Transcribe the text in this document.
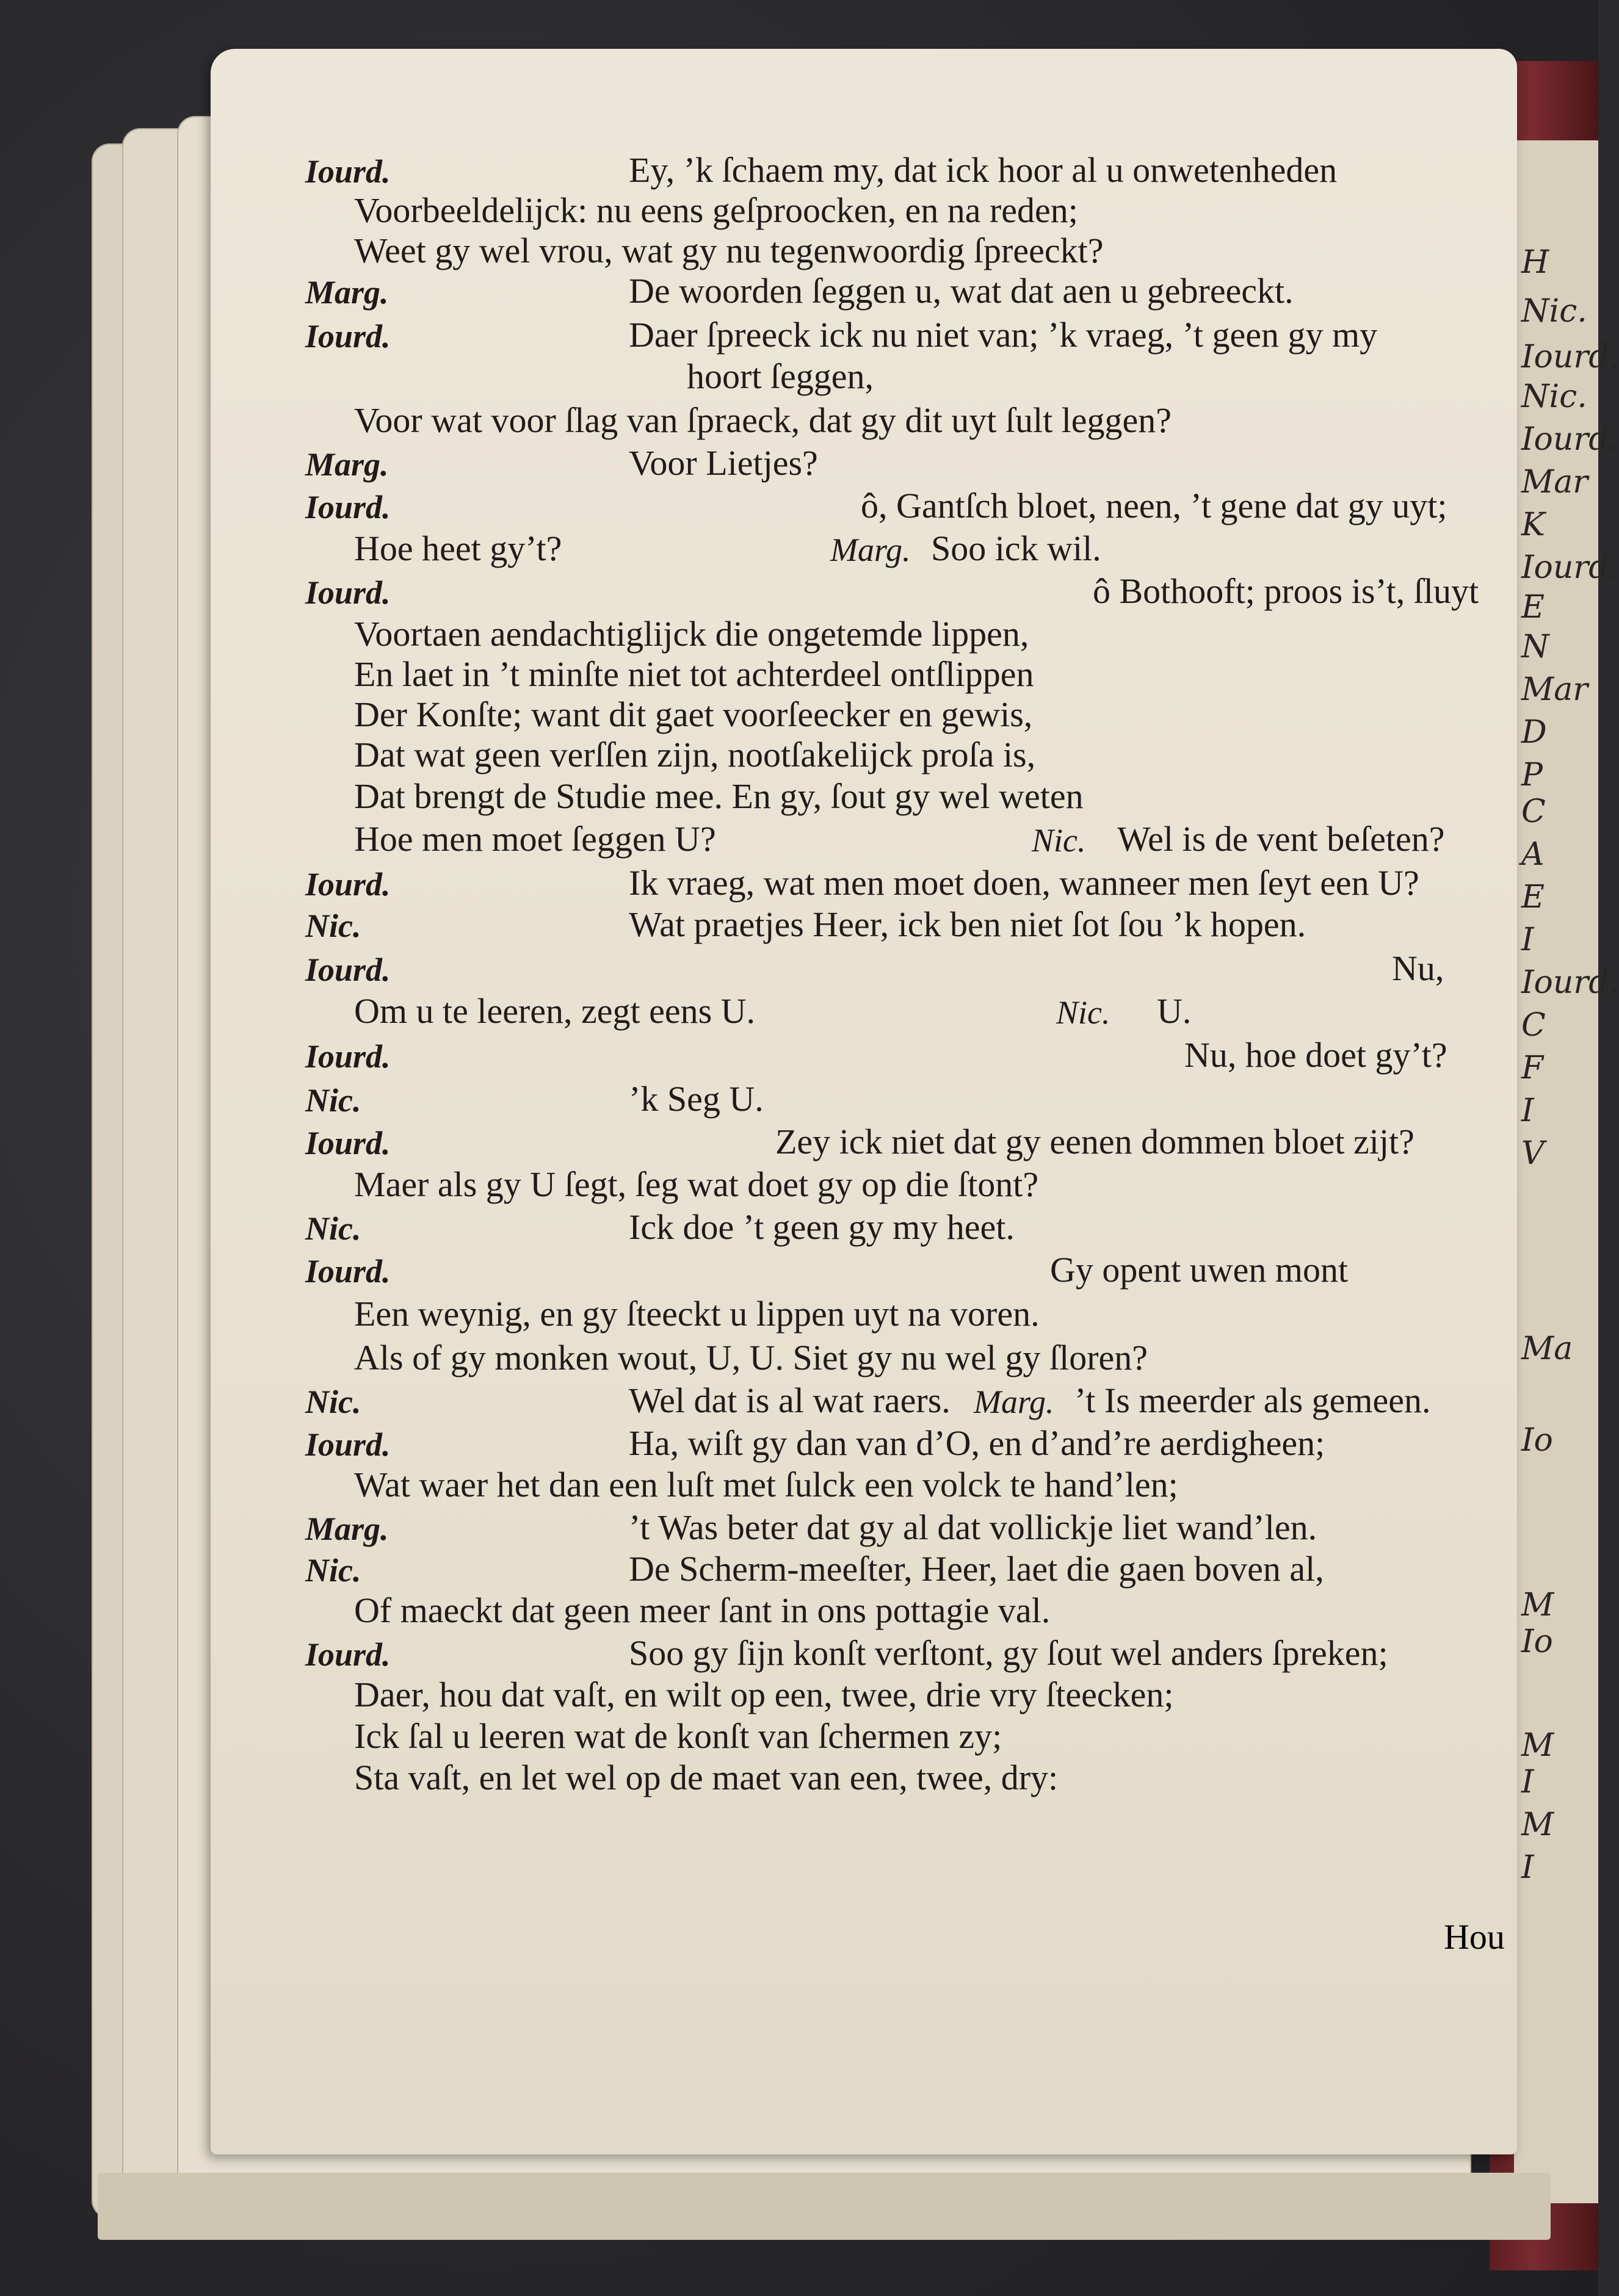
H
Nic.
Iourd.
Nic.
Iourd.
Mar
K
Iourd.
E
N
Mar
D
P
C
A
E
I
Iourd.
C
F
I
V
Ma
Io
M
Io
M
I
M
I
Iourd.	Ey, ’k ſchaem my, dat ick hoor al u onwetenheden
Voorbeeldelijck: nu eens geſproocken, en na reden;
Weet gy wel vrou, wat gy nu tegenwoordig ſpreeckt?
Marg.	De woorden ſeggen u, wat dat aen u gebreeckt.
Iourd.	Daer ſpreeck ick nu niet van; ’k vraeg, ’t geen gy my
hoort ſeggen,
Voor wat voor ſlag van ſpraeck, dat gy dit uyt ſult leggen?
Marg.	Voor Lietjes?
Iourd.	ô, Gantſch bloet, neen, ’t gene dat gy uyt;
Hoe heet gy’t?	Marg. Soo ick wil.
Iourd.	ô Bothooft; proos is’t, ſluyt
Voortaen aendachtiglijck die ongetemde lippen,
En laet in ’t minſte niet tot achterdeel ontſlippen
Der Konſte; want dit gaet voorſeecker en gewis,
Dat wat geen verſſen zijn, nootſakelijck proſa is,
Dat brengt de Studie mee. En gy, ſout gy wel weten
Hoe men moet ſeggen U?	Nic. Wel is de vent beſeten?
Iourd.	Ik vraeg, wat men moet doen, wanneer men ſeyt een U?
Nic.	Wat praetjes Heer, ick ben niet ſot ſou ’k hopen.
Iourd.	Nu,
Om u te leeren, zegt eens U.	Nic. U.
Iourd.	Nu, hoe doet gy’t?
Nic.	’k Seg U.
Iourd.	Zey ick niet dat gy eenen dommen bloet zijt?
Maer als gy U ſegt, ſeg wat doet gy op die ſtont?
Nic.	Ick doe ’t geen gy my heet.
Iourd.	Gy opent uwen mont
Een weynig, en gy ſteeckt u lippen uyt na voren.
Als of gy monken wout, U, U. Siet gy nu wel gy ſloren?
Nic.	Wel dat is al wat raers. Marg. ’t Is meerder als gemeen.
Iourd.	Ha, wiſt gy dan van d’O, en d’and’re aerdigheen;
Wat waer het dan een luſt met ſulck een volck te hand’len;
Marg.	’t Was beter dat gy al dat vollickje liet wand’len.
Nic.	De Scherm-meeſter, Heer, laet die gaen boven al,
Of maeckt dat geen meer ſant in ons pottagie val.
Iourd.	Soo gy ſijn konſt verſtont, gy ſout wel anders ſpreken;
Daer, hou dat vaſt, en wilt op een, twee, drie vry ſteecken;
Ick ſal u leeren wat de konſt van ſchermen zy;
Sta vaſt, en let wel op de maet van een, twee, dry:
Hou
